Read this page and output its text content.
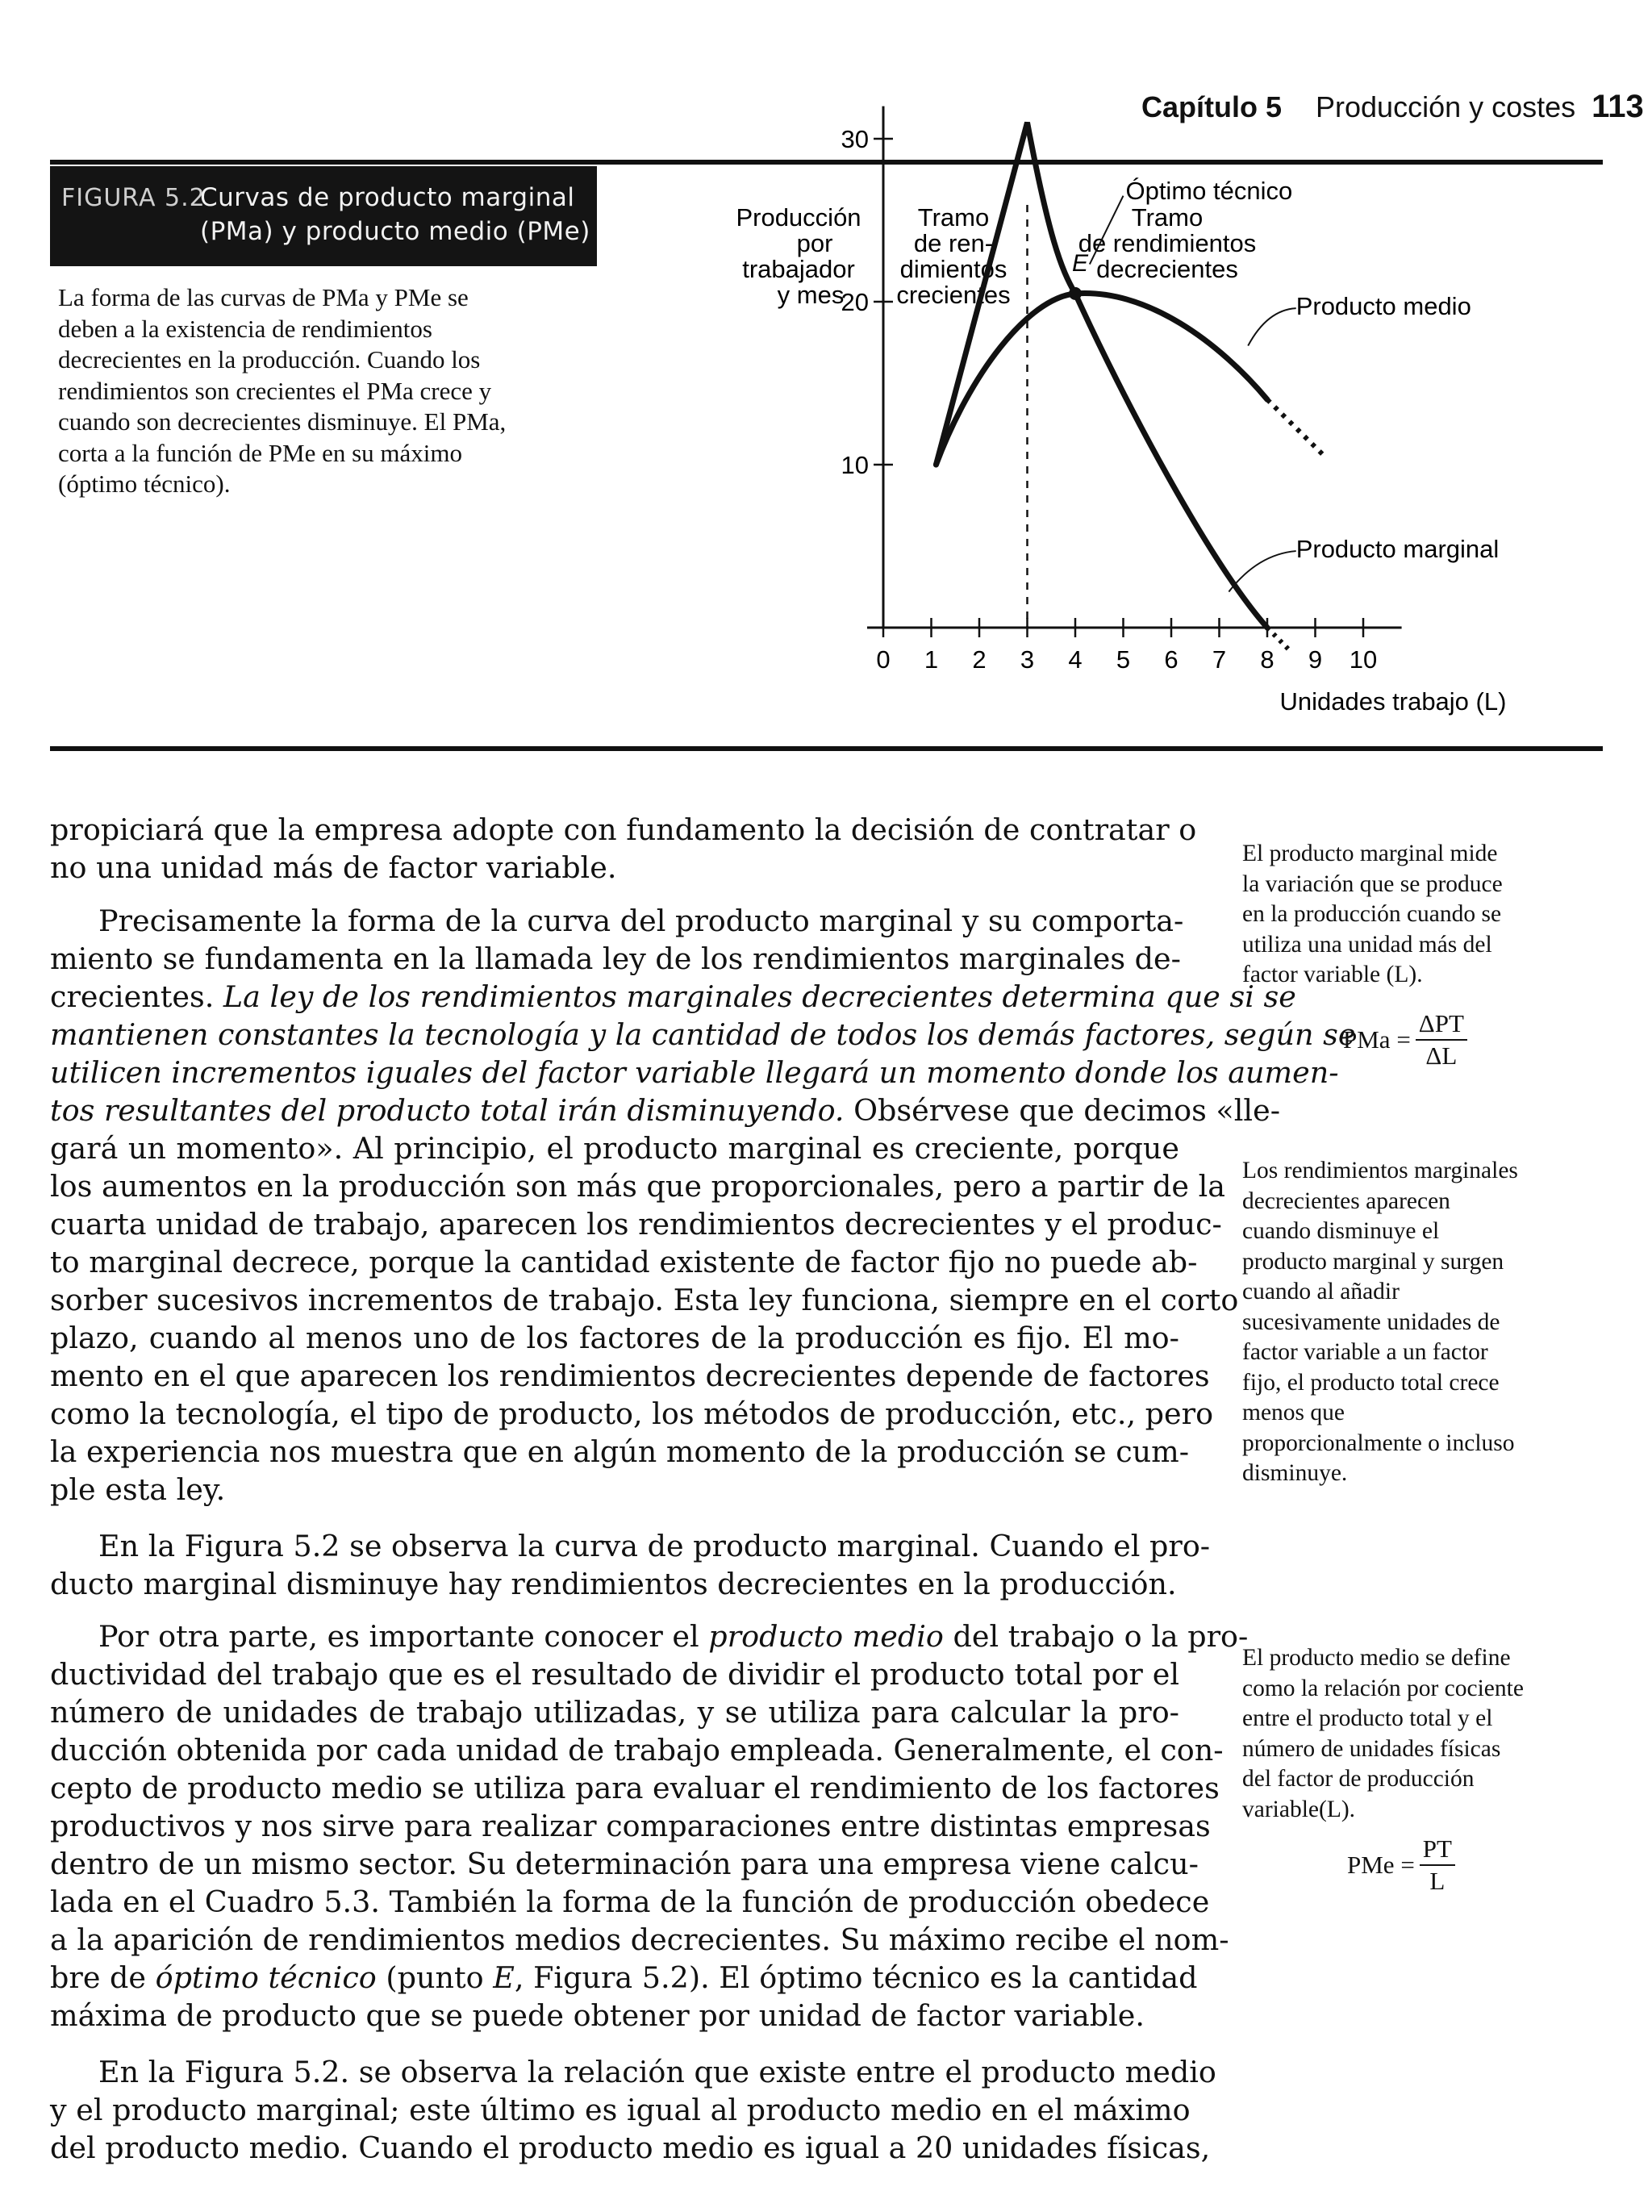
Capítulo 5 Producción y costes 113
FIGURA 5.2
Curvas de producto marginal
(PMa) y producto medio (PMe)
La forma de las curvas de PMa y PMe se
deben a la existencia de rendimientos
decrecientes en la producción. Cuando los
rendimientos son crecientes el PMa crece y
cuando son decrecientes disminuye. El PMa,
corta a la función de PMe en su máximo
(óptimo técnico).
Producción
por
trabajador
y mes
Tramo
de ren-
dimientos
crecientes
Tramo
de rendimientos
decrecientes
0 1 2 3 4 5 6 7 8 9 10
10
20
30
E
Óptimo técnico
Producto medio
Producto marginal
Unidades trabajo (L)
propiciará que la empresa adopte con fundamento la decisión de contratar o
no una unidad más de factor variable.
Precisamente la forma de la curva del producto marginal y su comporta-
miento se fundamenta en la llamada ley de los rendimientos marginales de-
crecientes. La ley de los rendimientos marginales decrecientes determina que si se
mantienen constantes la tecnología y la cantidad de todos los demás factores, según se
utilicen incrementos iguales del factor variable llegará un momento donde los aumen-
tos resultantes del producto total irán disminuyendo. Obsérvese que decimos «lle-
gará un momento». Al principio, el producto marginal es creciente, porque
los aumentos en la producción son más que proporcionales, pero a partir de la
cuarta unidad de trabajo, aparecen los rendimientos decrecientes y el produc-
to marginal decrece, porque la cantidad existente de factor fijo no puede ab-
sorber sucesivos incrementos de trabajo. Esta ley funciona, siempre en el corto
plazo, cuando al menos uno de los factores de la producción es fijo. El mo-
mento en el que aparecen los rendimientos decrecientes depende de factores
como la tecnología, el tipo de producto, los métodos de producción, etc., pero
la experiencia nos muestra que en algún momento de la producción se cum-
ple esta ley.
En la Figura 5.2 se observa la curva de producto marginal. Cuando el pro-
ducto marginal disminuye hay rendimientos decrecientes en la producción.
Por otra parte, es importante conocer el producto medio del trabajo o la pro-
ductividad del trabajo que es el resultado de dividir el producto total por el
número de unidades de trabajo utilizadas, y se utiliza para calcular la pro-
ducción obtenida por cada unidad de trabajo empleada. Generalmente, el con-
cepto de producto medio se utiliza para evaluar el rendimiento de los factores
productivos y nos sirve para realizar comparaciones entre distintas empresas
dentro de un mismo sector. Su determinación para una empresa viene calcu-
lada en el Cuadro 5.3. También la forma de la función de producción obedece
a la aparición de rendimientos medios decrecientes. Su máximo recibe el nom-
bre de óptimo técnico (punto E, Figura 5.2). El óptimo técnico es la cantidad
máxima de producto que se puede obtener por unidad de factor variable.
En la Figura 5.2. se observa la relación que existe entre el producto medio
y el producto marginal; este último es igual al producto medio en el máximo
del producto medio. Cuando el producto medio es igual a 20 unidades físicas,
El producto marginal mide
la variación que se produce
en la producción cuando se
utiliza una unidad más del
factor variable (L).
PMa = $\frac{\text{ΔPT}}{\Delta L}$
Los rendimientos marginales
decrecientes aparecen
cuando disminuye el
producto marginal y surgen
cuando al añadir
sucesivamente unidades de
factor variable a un factor
fijo, el producto total crece
menos que
proporcionalmente o incluso
disminuye.
El producto medio se define
como la relación por cociente
entre el producto total y el
número de unidades físicas
del factor de producción
variable(L).
PMe = $\frac{PT}{L}$
